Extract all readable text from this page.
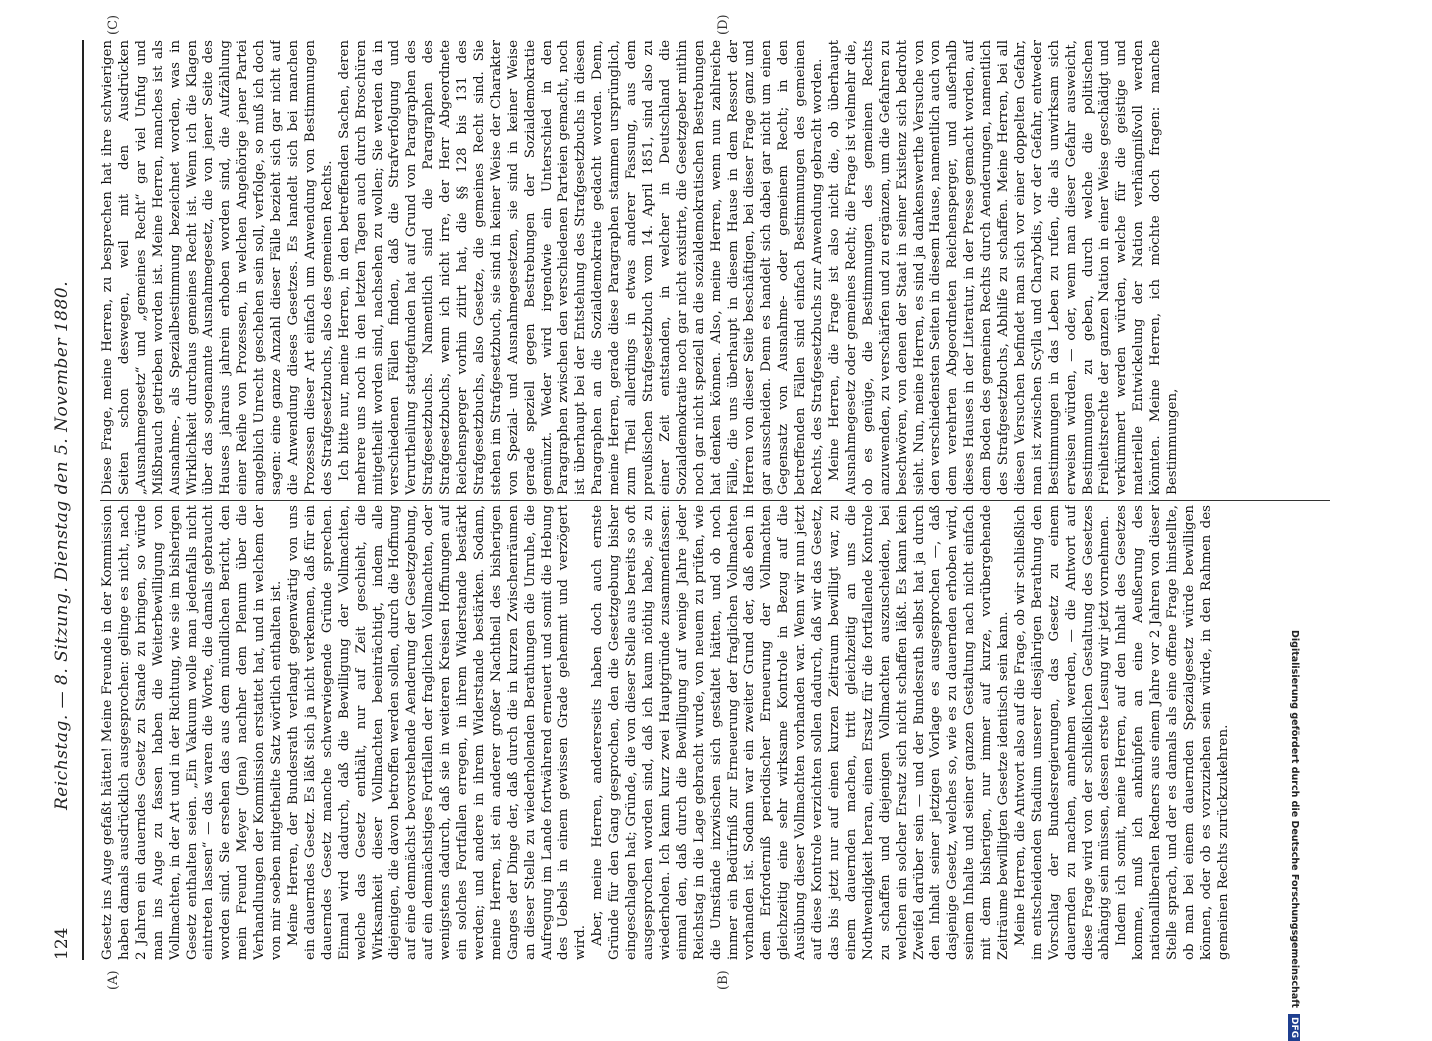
124
Reichstag. — 8. Sitzung. Dienstag den 5. November 1880. Gesetz ins Auge gefaßt hätten! Meine Freunde in der Kommission haben damals ausdrücklich ausgesprochen: gelinge es nicht, nach 2 Jahren ein dauerndes Gesetz zu Stande zu bringen, so würde man ins Auge zu fassen haben die Weiterbewilligung von Vollmachten, in der Art und in der Richtung, wie sie im bisherigen Gesetz enthalten seien. „Ein Vakuum wolle man jedenfalls nicht eintreten lassen“ — das waren die Worte, die damals gebraucht worden sind. Sie ersehen das aus dem mündlichen Bericht, den mein Freund Meyer (Jena) nachher dem Plenum über die Verhandlungen der Kommission erstattet hat, und in welchem der von mir soeben mitgetheilte Satz wörtlich enthalten ist. Meine Herren, der Bundesrath verlangt gegenwärtig von uns ein dauerndes Gesetz. Es läßt sich ja nicht verkennen, daß für ein dauerndes Gesetz manche schwerwiegende Gründe sprechen. Einmal wird dadurch, daß die Bewilligung der Vollmachten, welche das Gesetz enthält, nur auf Zeit geschieht, die Wirksamkeit dieser Vollmachten beeinträchtigt, indem alle diejenigen, die davon betroffen werden sollen, durch die Hoffnung auf eine demnächst bevorstehende Aenderung der Gesetzgebung, auf ein demnächstiges Fortfallen der fraglichen Vollmachten, oder wenigstens dadurch, daß sie in weiteren Kreisen Hoffnungen auf ein solches Fortfallen erregen, in ihrem Widerstande bestärkt werden; und andere in ihrem Widerstande bestärken. Sodann, meine Herren, ist ein anderer großer Nachtheil des bisherigen Ganges der Dinge der, daß durch die in kurzen Zwischenräumen an dieser Stelle zu wiederholenden Berathungen die Unruhe, die Aufregung im Lande fortwährend erneuert und somit die Hebung des Uebels in einem gewissen Grade gehemmt und verzögert wird. Aber, meine Herren, andererseits haben doch auch ernste Gründe für den Gang gesprochen, den die Gesetzgebung bisher eingeschlagen hat; Gründe, die von dieser Stelle aus bereits so oft ausgesprochen worden sind, daß ich kaum nöthig habe, sie zu wiederholen. Ich kann kurz zwei Hauptgründe zusammenfassen: einmal den, daß durch die Bewilligung auf wenige Jahre jeder Reichstag in die Lage gebracht wurde, von neuem zu prüfen, wie die Umstände inzwischen sich gestaltet hätten, und ob noch immer ein Bedürfniß zur Erneuerung der fraglichen Vollmachten vorhanden ist. Sodann war ein zweiter Grund der, daß eben in dem Erforderniß periodischer Erneuerung der Vollmachten gleichzeitig eine sehr wirksame Kontrole in Bezug auf die Ausübung dieser Vollmachten vorhanden war. Wenn wir nun jetzt auf diese Kontrole verzichten sollen dadurch, daß wir das Gesetz, das bis jetzt nur auf einen kurzen Zeitraum bewilligt war, zu einem dauernden machen, tritt gleichzeitig an uns die Nothwendigkeit heran, einen Ersatz für die fortfallende Kontrole zu schaffen und diejenigen Vollmachten auszuscheiden, bei welchen ein solcher Ersatz sich nicht schaffen läßt. Es kann kein Zweifel darüber sein — und der Bundesrath selbst hat ja durch den Inhalt seiner jetzigen Vorlage es ausgesprochen —, daß dasjenige Gesetz, welches so, wie es zu dauernden erhoben wird, seinem Inhalte und seiner ganzen Gestaltung nach nicht einfach mit dem bisherigen, nur immer auf kurze, vorübergehende Zeiträume bewilligten Gesetze identisch sein kann. Meine Herren, die Antwort also auf die Frage, ob wir schließlich im entscheidenden Stadium unserer diesjährigen Berathung den Vorschlag der Bundesregierungen, das Gesetz zu einem dauernden zu machen, annehmen werden, — die Antwort auf diese Frage wird von der schließlichen Gestaltung des Gesetzes abhängig sein müssen, dessen erste Lesung wir jetzt vornehmen. Indem ich somit, meine Herren, auf den Inhalt des Gesetzes komme, muß ich anknüpfen an eine Aeußerung des nationalliberalen Redners aus einem Jahre vor 2 Jahren von dieser Stelle sprach, und der es damals als eine offene Frage hinstellte, ob man bei einem dauernden Spezialgesetz würde bewilligen können, oder ob es vorzuziehen sein würde, in den Rahmen des gemeinen Rechts zurückzukehren.

Diese Frage, meine Herren, zu besprechen hat ihre schwierigen Seiten schon deswegen, weil mit den Ausdrücken „Ausnahmegesetz“ und „gemeines Recht“ gar viel Unfug und Mißbrauch getrieben worden ist. Meine Herren, manches ist als Ausnahme-, als Spezialbestimmung bezeichnet worden, was in Wirklichkeit durchaus gemeines Recht ist. Wenn ich die Klagen über das sogenannte Ausnahmegesetz, die von jener Seite des Hauses jahraus jahrein erhoben worden sind, die Aufzählung einer Reihe von Prozessen, in welchen Angehörige jener Partei angeblich Unrecht geschehen sein soll, verfolge, so muß ich doch sagen: eine ganze Anzahl dieser Fälle bezieht sich gar nicht auf die Anwendung dieses Gesetzes. Es handelt sich bei manchen Prozessen dieser Art einfach um Anwendung von Bestimmungen des Strafgesetzbuchs, also des gemeinen Rechts. Ich bitte nur, meine Herren, in den betreffenden Sachen, deren mehrere uns noch in den letzten Tagen auch durch Broschüren mitgetheilt worden sind, nachsehen zu wollen; Sie werden da in verschiedenen Fällen finden, daß die Strafverfolgung und Verurtheilung stattgefunden hat auf Grund von Paragraphen des Strafgesetzbuchs. Namentlich sind die Paragraphen des Strafgesetzbuchs, wenn ich nicht irre, der Herr Abgeordnete Reichensperger vorhin zitirt hat, die §§ 128 bis 131 des Strafgesetzbuchs, also Gesetze, die gemeines Recht sind. Sie stehen im Strafgesetzbuch, sie sind in keiner Weise der Charakter von Spezial- und Ausnahmegesetzen, sie sind in keiner Weise gerade speziell gegen Bestrebungen der Sozialdemokratie gemünzt. Weder wird irgendwie ein Unterschied in den Paragraphen zwischen den verschiedenen Parteien gemacht, noch ist überhaupt bei der Entstehung des Strafgesetzbuchs in diesen Paragraphen an die Sozialdemokratie gedacht worden. Denn, meine Herren, gerade diese Paragraphen stammen ursprünglich, zum Theil allerdings in etwas anderer Fassung, aus dem preußischen Strafgesetzbuch vom 14. April 1851, sind also zu einer Zeit entstanden, in welcher in Deutschland die Sozialdemokratie noch gar nicht existirte, die Gesetzgeber mithin noch gar nicht speziell an die sozialdemokratischen Bestrebungen hat denken können. Also, meine Herren, wenn nun zahlreiche Fälle, die uns überhaupt in diesem Hause in dem Ressort der Herren von dieser Seite beschäftigen, bei dieser Frage ganz und gar ausscheiden. Denn es handelt sich dabei gar nicht um einen Gegensatz von Ausnahme- oder gemeinem Recht; in den betreffenden Fällen sind einfach Bestimmungen des gemeinen Rechts, des Strafgesetzbuchs zur Anwendung gebracht worden. Meine Herren, die Frage ist also nicht die, ob überhaupt Ausnahmegesetz oder gemeines Recht; die Frage ist vielmehr die, ob es genüge, die Bestimmungen des gemeinen Rechts anzuwenden, zu verschärfen und zu ergänzen, um die Gefahren zu beschwören, von denen der Staat in seiner Existenz sich bedroht sieht. Nun, meine Herren, es sind ja dankenswerthe Versuche von den verschiedensten Seiten in diesem Hause, namentlich auch von dem verehrten Abgeordneten Reichensperger, und außerhalb dieses Hauses in der Literatur, in der Presse gemacht worden, auf dem Boden des gemeinen Rechts durch Aenderungen, namentlich des Strafgesetzbuchs, Abhilfe zu schaffen. Meine Herren, bei all diesen Versuchen befindet man sich vor einer doppelten Gefahr, man ist zwischen Scylla und Charybdis, vor der Gefahr, entweder Bestimmungen in das Leben zu rufen, die als unwirksam sich erweisen würden, — oder, wenn man dieser Gefahr ausweicht, Bestimmungen zu geben, durch welche die politischen Freiheitsrechte der ganzen Nation in einer Weise geschädigt und verkümmert werden würden, welche für die geistige und materielle Entwickelung der Nation verhängnißvoll werden könnten. Meine Herren, ich möchte doch fragen: manche Bestimmungen,

(A)	(B)
(C)	(D)
Digitalisierung gefördert durch die Deutsche ForschungsgemeinschaftDFG
